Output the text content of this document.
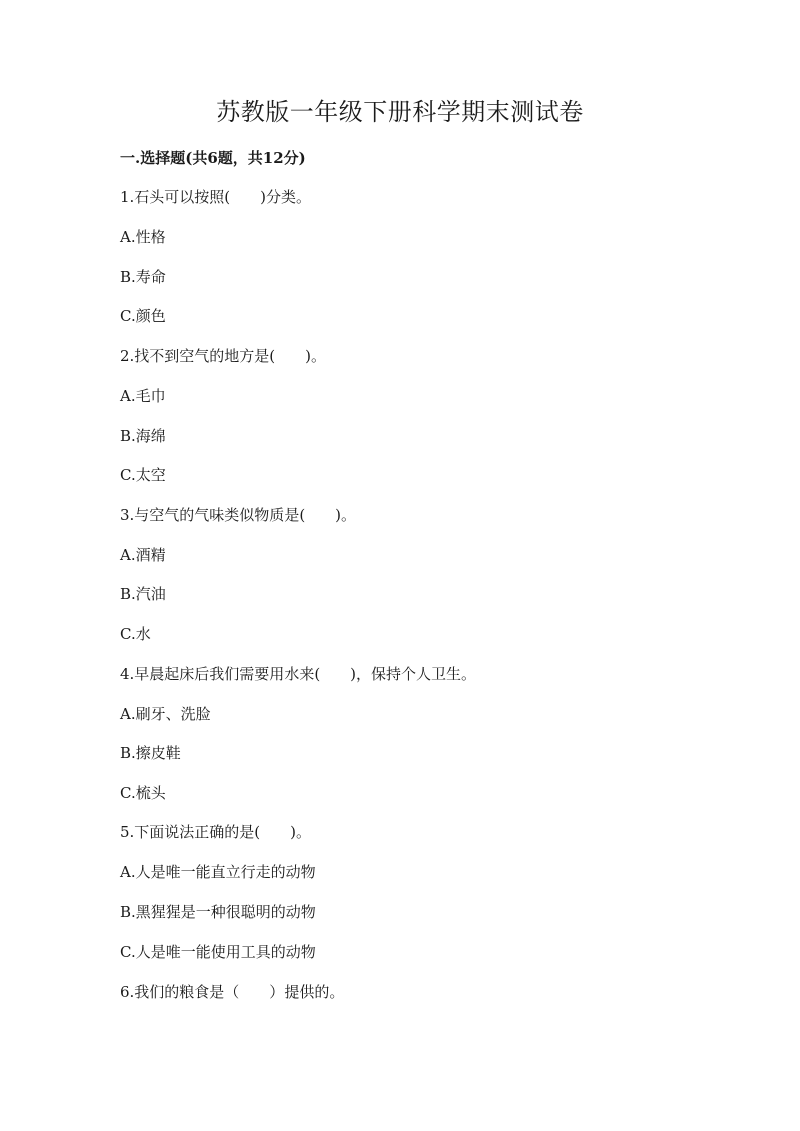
苏教版一年级下册科学期末测试卷
一.选择题(共6题，共12分)
1.石头可以按照(　　)分类。
A.性格
B.寿命
C.颜色
2.找不到空气的地方是(　　)。
A.毛巾
B.海绵
C.太空
3.与空气的气味类似物质是(　　)。
A.酒精
B.汽油
C.水
4.早晨起床后我们需要用水来(　　)，保持个人卫生。
A.刷牙、洗脸
B.擦皮鞋
C.梳头
5.下面说法正确的是(　　)。
A.人是唯一能直立行走的动物
B.黑猩猩是一种很聪明的动物
C.人是唯一能使用工具的动物
6.我们的粮食是（　　）提供的。
